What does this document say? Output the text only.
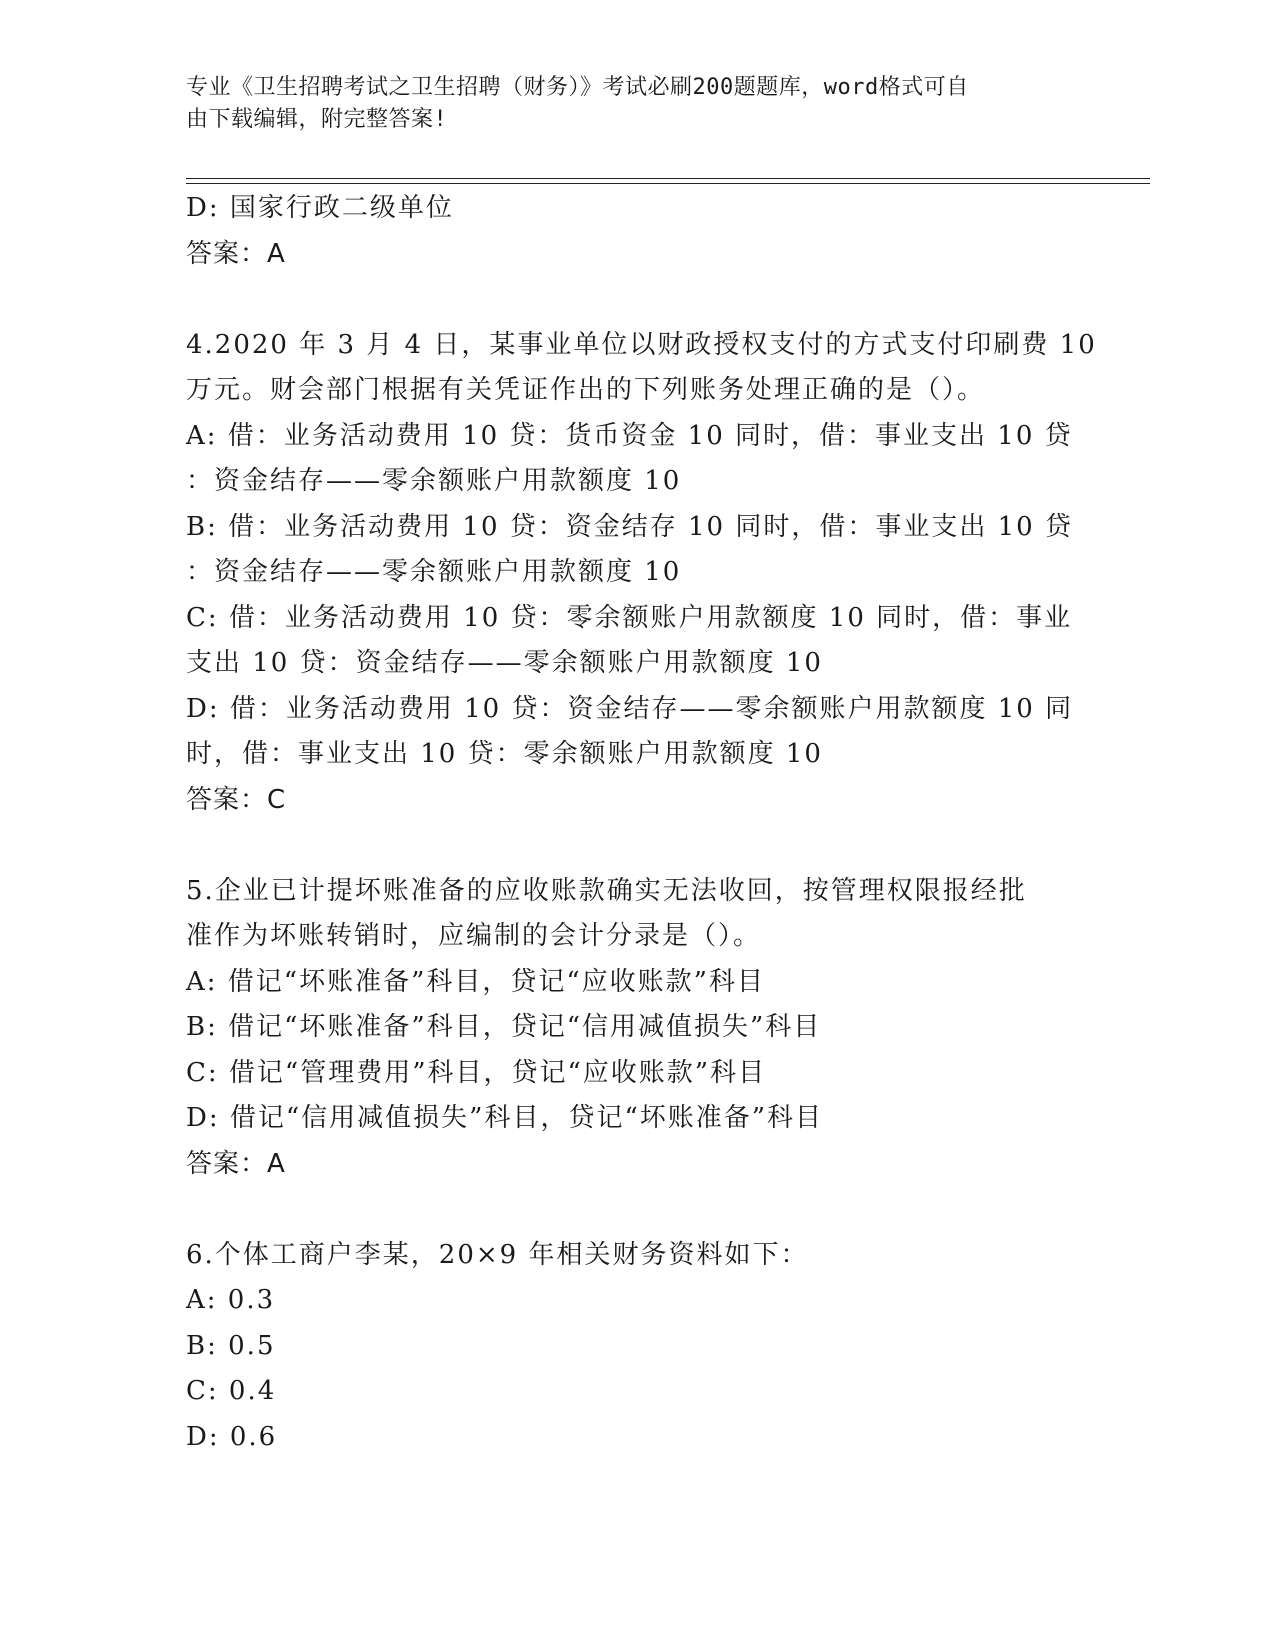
专业《卫生招聘考试之卫生招聘（财务）》考试必刷200题题库，word格式可自
由下载编辑，附完整答案!
D: 国家行政二级单位
答案：A
4.2020 年 3 月 4 日，某事业单位以财政授权支付的方式支付印刷费 10
万元。财会部门根据有关凭证作出的下列账务处理正确的是（）。
A: 借：业务活动费用 10 贷：货币资金 10 同时，借：事业支出 10 贷
：资金结存——零余额账户用款额度 10
B: 借：业务活动费用 10 贷：资金结存 10 同时，借：事业支出 10 贷
：资金结存——零余额账户用款额度 10
C: 借：业务活动费用 10 贷：零余额账户用款额度 10 同时，借：事业
支出 10 贷：资金结存——零余额账户用款额度 10
D: 借：业务活动费用 10 贷：资金结存——零余额账户用款额度 10 同
时，借：事业支出 10 贷：零余额账户用款额度 10
答案：C
5.企业已计提坏账准备的应收账款确实无法收回，按管理权限报经批
准作为坏账转销时，应编制的会计分录是（）。
A: 借记“坏账准备”科目，贷记“应收账款”科目
B: 借记“坏账准备”科目，贷记“信用减值损失”科目
C: 借记“管理费用”科目，贷记“应收账款”科目
D: 借记“信用减值损失”科目，贷记“坏账准备”科目
答案：A
6.个体工商户李某，20×9 年相关财务资料如下：
A: 0.3
B: 0.5
C: 0.4
D: 0.6
